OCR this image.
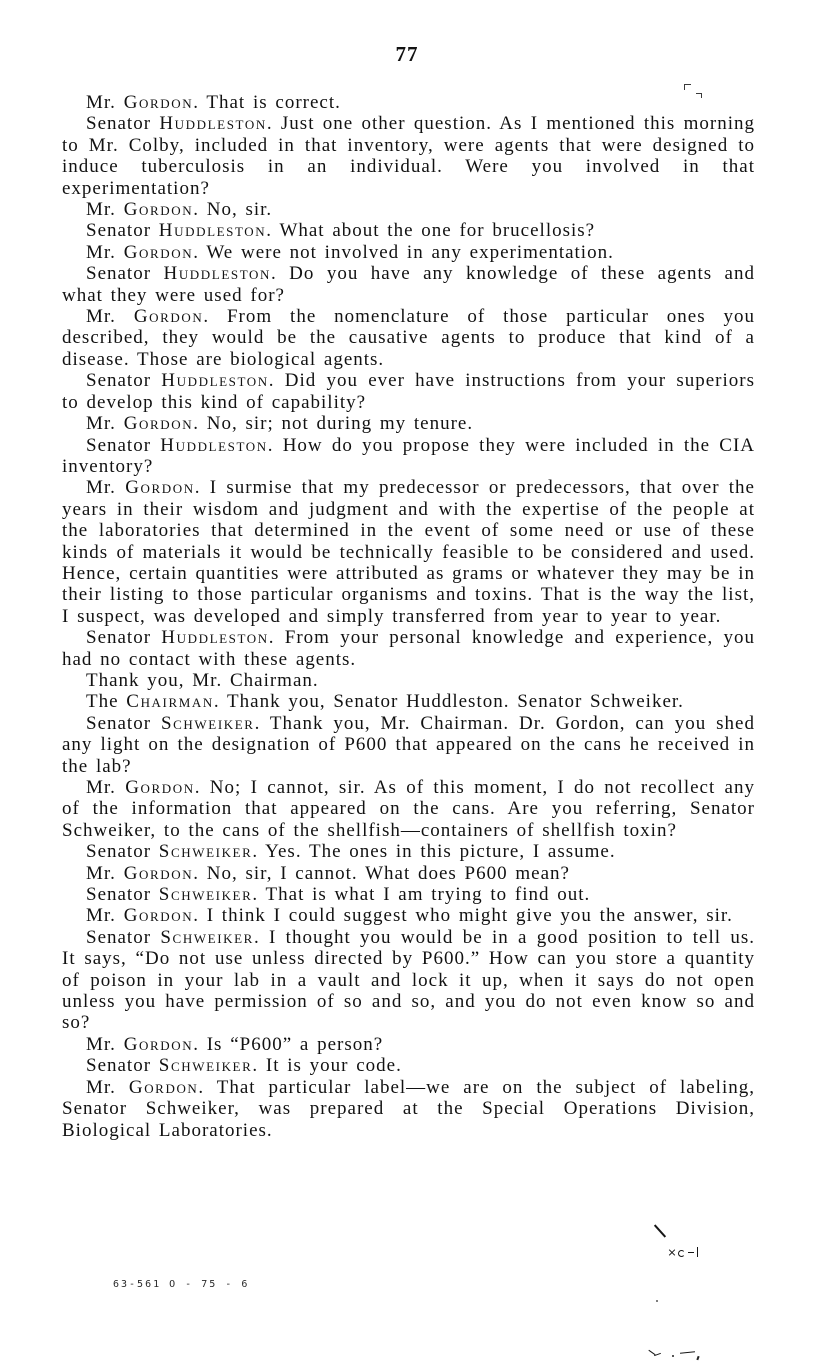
77

Mr. Gordon. That is correct.

Senator Huddleston. Just one other question. As I mentioned this morning to Mr. Colby, included in that inventory, were agents that were designed to induce tuberculosis in an individual. Were you involved in that experimentation?

Mr. Gordon. No, sir.

Senator Huddleston. What about the one for brucellosis?

Mr. Gordon. We were not involved in any experimentation.

Senator Huddleston. Do you have any knowledge of these agents and what they were used for?

Mr. Gordon. From the nomenclature of those particular ones you described, they would be the causative agents to produce that kind of a disease. Those are biological agents.

Senator Huddleston. Did you ever have instructions from your superiors to develop this kind of capability?

Mr. Gordon. No, sir; not during my tenure.

Senator Huddleston. How do you propose they were included in the CIA inventory?

Mr. Gordon. I surmise that my predecessor or predecessors, that over the years in their wisdom and judgment and with the expertise of the people at the laboratories that determined in the event of some need or use of these kinds of materials it would be technically feasible to be considered and used. Hence, certain quantities were attributed as grams or whatever they may be in their listing to those particular organisms and toxins. That is the way the list, I suspect, was developed and simply transferred from year to year to year.

Senator Huddleston. From your personal knowledge and experience, you had no contact with these agents.

Thank you, Mr. Chairman.

The Chairman. Thank you, Senator Huddleston. Senator Schweiker.

Senator Schweiker. Thank you, Mr. Chairman. Dr. Gordon, can you shed any light on the designation of P600 that appeared on the cans he received in the lab?

Mr. Gordon. No; I cannot, sir. As of this moment, I do not recollect any of the information that appeared on the cans. Are you referring, Senator Schweiker, to the cans of the shellfish—containers of shellfish toxin?

Senator Schweiker. Yes. The ones in this picture, I assume.

Mr. Gordon. No, sir, I cannot. What does P600 mean?

Senator Schweiker. That is what I am trying to find out.

Mr. Gordon. I think I could suggest who might give you the answer, sir.

Senator Schweiker. I thought you would be in a good position to tell us. It says, “Do not use unless directed by P600.” How can you store a quantity of poison in your lab in a vault and lock it up, when it says do not open unless you have permission of so and so, and you do not even know so and so?

Mr. Gordon. Is “P600” a person?

Senator Schweiker. It is your code.

Mr. Gordon. That particular label—we are on the subject of labeling, Senator Schweiker, was prepared at the Special Operations Division, Biological Laboratories.

63-561 O - 75 - 6
